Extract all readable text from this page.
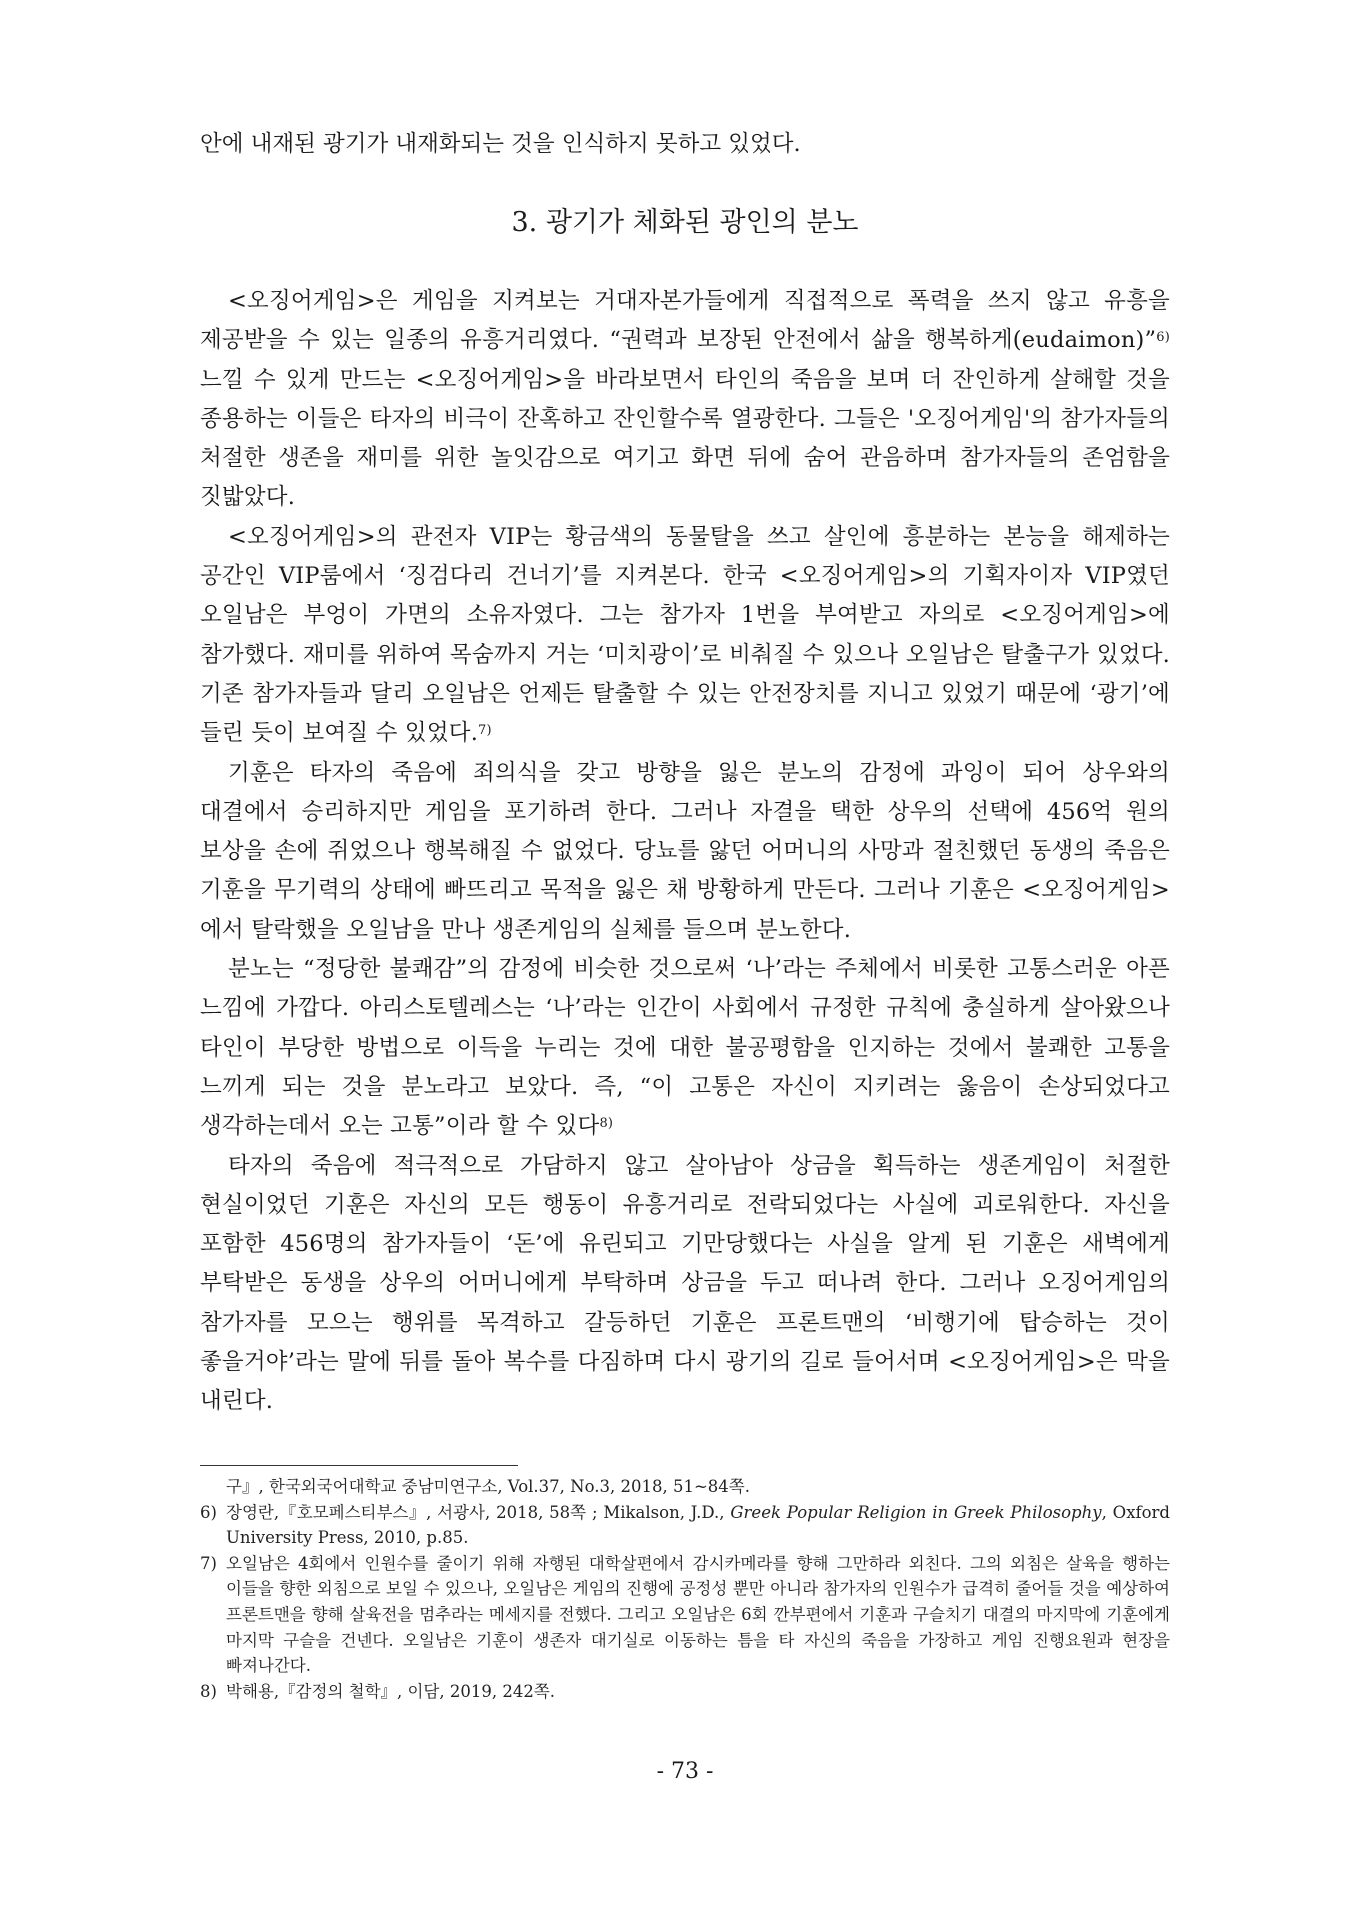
안에 내재된 광기가 내재화되는 것을 인식하지 못하고 있었다.
3. 광기가 체화된 광인의 분노

<오징어게임>은 게임을 지켜보는 거대자본가들에게 직접적으로 폭력을 쓰지 않고 유흥을 제공받을 수 있는 일종의 유흥거리였다. “권력과 보장된 안전에서 삶을 행복하게(eudaimon)”$^{6)}$ 느낄 수 있게 만드는 <오징어게임>을 바라보면서 타인의 죽음을 보며 더 잔인하게 살해할 것을 종용하는 이들은 타자의 비극이 잔혹하고 잔인할수록 열광한다. 그들은 '오징어게임'의 참가자들의 처절한 생존을 재미를 위한 놀잇감으로 여기고 화면 뒤에 숨어 관음하며 참가자들의 존엄함을 짓밟았다.

<오징어게임>의 관전자 VIP는 황금색의 동물탈을 쓰고 살인에 흥분하는 본능을 해제하는 공간인 VIP룸에서 ‘징검다리 건너기’를 지켜본다. 한국 <오징어게임>의 기획자이자 VIP였던 오일남은 부엉이 가면의 소유자였다. 그는 참가자 1번을 부여받고 자의로 <오징어게임>에 참가했다. 재미를 위하여 목숨까지 거는 ‘미치광이’로 비춰질 수 있으나 오일남은 탈출구가 있었다. 기존 참가자들과 달리 오일남은 언제든 탈출할 수 있는 안전장치를 지니고 있었기 때문에 ‘광기’에 들린 듯이 보여질 수 있었다.$^{7)}$

기훈은 타자의 죽음에 죄의식을 갖고 방향을 잃은 분노의 감정에 과잉이 되어 상우와의 대결에서 승리하지만 게임을 포기하려 한다. 그러나 자결을 택한 상우의 선택에 456억 원의 보상을 손에 쥐었으나 행복해질 수 없었다. 당뇨를 앓던 어머니의 사망과 절친했던 동생의 죽음은 기훈을 무기력의 상태에 빠뜨리고 목적을 잃은 채 방황하게 만든다. 그러나 기훈은 <오징어게임>에서 탈락했을 오일남을 만나 생존게임의 실체를 들으며 분노한다.

분노는 “정당한 불쾌감”의 감정에 비슷한 것으로써 ‘나’라는 주체에서 비롯한 고통스러운 아픈 느낌에 가깝다. 아리스토텔레스는 ‘나’라는 인간이 사회에서 규정한 규칙에 충실하게 살아왔으나 타인이 부당한 방법으로 이득을 누리는 것에 대한 불공평함을 인지하는 것에서 불쾌한 고통을 느끼게 되는 것을 분노라고 보았다. 즉, “이 고통은 자신이 지키려는 옳음이 손상되었다고 생각하는데서 오는 고통”이라 할 수 있다$^{8)}$

타자의 죽음에 적극적으로 가담하지 않고 살아남아 상금을 획득하는 생존게임이 처절한 현실이었던 기훈은 자신의 모든 행동이 유흥거리로 전락되었다는 사실에 괴로워한다. 자신을 포함한 456명의 참가자들이 ‘돈’에 유린되고 기만당했다는 사실을 알게 된 기훈은 새벽에게 부탁받은 동생을 상우의 어머니에게 부탁하며 상금을 두고 떠나려 한다. 그러나 오징어게임의 참가자를 모으는 행위를 목격하고 갈등하던 기훈은 프론트맨의 ‘비행기에 탑승하는 것이 좋을거야’라는 말에 뒤를 돌아 복수를 다짐하며 다시 광기의 길로 들어서며 <오징어게임>은 막을 내린다.

구』, 한국외국어대학교 중남미연구소, Vol.37, No.3, 2018, 51~84쪽.
6) 장영란,『호모페스티부스』, 서광사, 2018, 58쪽 ; Mikalson, J.D., Greek Popular Religion in Greek Philosophy, Oxford University Press, 2010, p.85.
7) 오일남은 4회에서 인원수를 줄이기 위해 자행된 대학살편에서 감시카메라를 향해 그만하라 외친다. 그의 외침은 살육을 행하는 이들을 향한 외침으로 보일 수 있으나, 오일남은 게임의 진행에 공정성 뿐만 아니라 참가자의 인원수가 급격히 줄어들 것을 예상하여 프론트맨을 향해 살육전을 멈추라는 메세지를 전했다. 그리고 오일남은 6회 깐부편에서 기훈과 구슬치기 대결의 마지막에 기훈에게 마지막 구슬을 건넨다. 오일남은 기훈이 생존자 대기실로 이동하는 틈을 타 자신의 죽음을 가장하고 게임 진행요원과 현장을 빠져나간다.
8) 박해용,『감정의 철학』, 이담, 2019, 242쪽.
- 73 -
